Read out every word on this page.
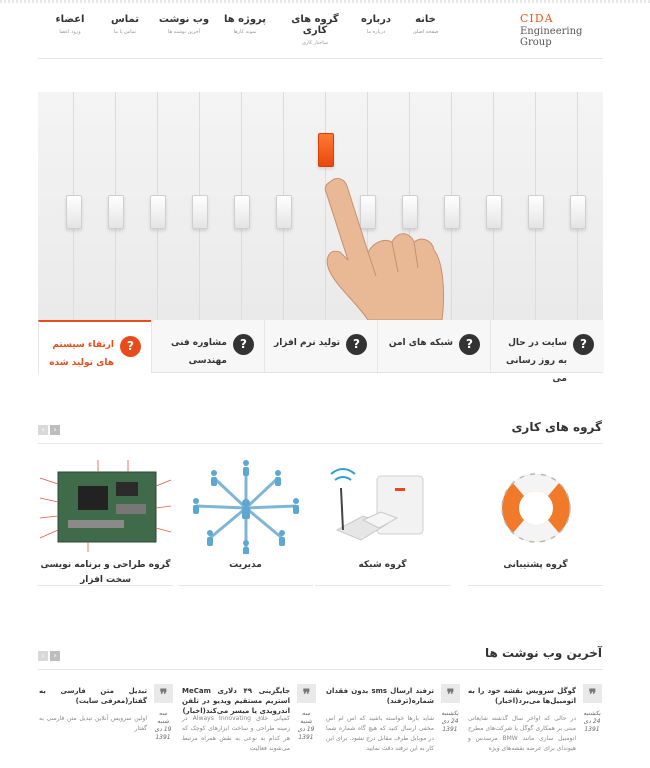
CIDA
Engineering Group
خانه
صفحه اصلی
درباره
درباره ما
گروه های کاری
ساختار کاری
پروژه ها
نمونه کارها
وب نوشت
آخرین نوشته ها
تماس
تماس با ما
اعضاء
ورود اعضا
?
سایت در حال به روز رسانی می
?
شبکه های امن
?
تولید نرم افزار
?
مشاوره فنی مهندسی
?
ارتقاء سیستم های تولید شده
گروه های کاری
‹	›
گروه پشتیبانی
گروه شبکه
مدیریت
گروه طراحی و برنامه نویسی سخت افزار
آخرین وب نوشت ها
‹	›
❞
یکشنبه 24 دی 1391
گوگل سرویس نقشه خود را به اتومبیل‌ها می‌برد(اخبار)
در حالی که اواخر سال گذشته شایعاتی مبنی بر همکاری گوگل با شرکت‌های مطرح اتومبیل سازی مانند BMW مرسدس و هیوندای برای عرضه نقشه‌های ویژه
❞
یکشنبه 24 دی 1391
ترفند ارسال sms بدون فقدان شماره(ترفند)
شاید بارها خواسته باشید که اس ام اس مخفی ارسال کنید که هیچ گاه شماره شما در موبایل طرف مقابل درج نشود. برای این کار به این ترفند دقت نمایید
❞
سه شنبه 19 دی 1391
جایگزینی ۴۹ دلاری MeCam استریم مستقیم ویدیو در تلفن اندرویدی یا میسر می‌کند(اخبار)
کمپانی خلاق Always Innovating در زمینه طراحی و ساخت ابزارهای کوچک که هر کدام به نوعی به نقش همراه مرتبط می‌شوند فعالیت
❞
سه شنبه 19 دی 1391
تبدیل متن فارسی به گفتار(معرفی سایت)
اولین سرویس آنلاین تبدیل متن فارسی به گفتار
